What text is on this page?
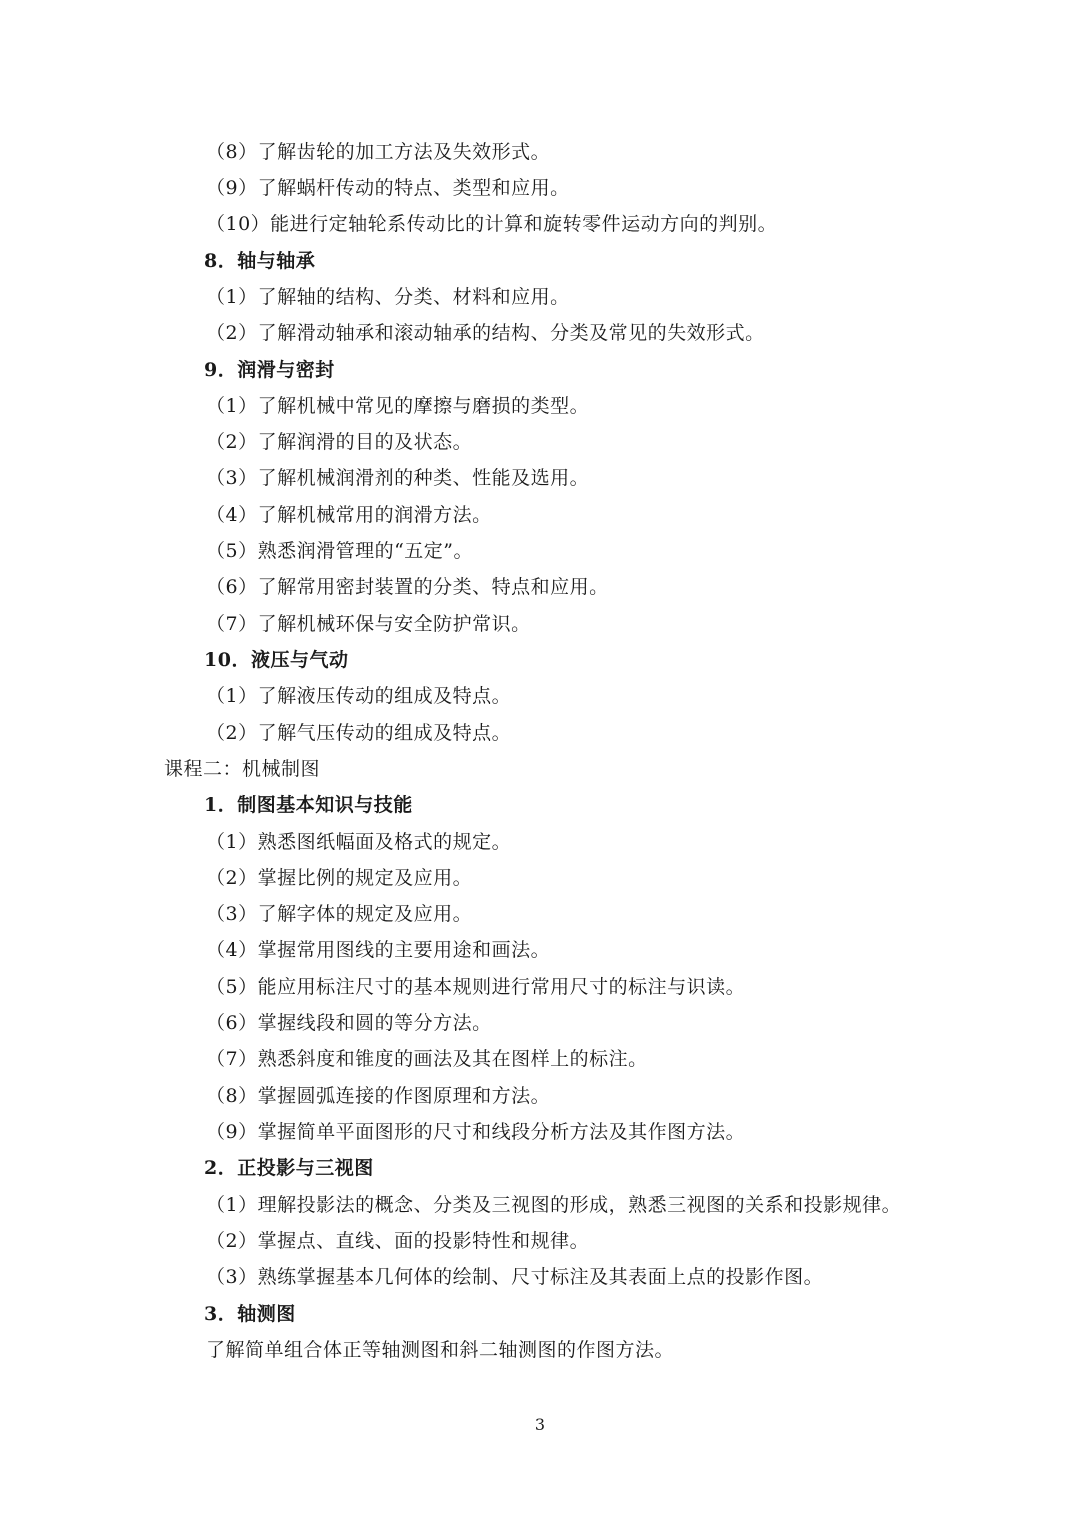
（8）了解齿轮的加工方法及失效形式。
（9）了解蜗杆传动的特点、类型和应用。
（10）能进行定轴轮系传动比的计算和旋转零件运动方向的判别。
8．轴与轴承
（1）了解轴的结构、分类、材料和应用。
（2）了解滑动轴承和滚动轴承的结构、分类及常见的失效形式。
9．润滑与密封
（1）了解机械中常见的摩擦与磨损的类型。
（2）了解润滑的目的及状态。
（3）了解机械润滑剂的种类、性能及选用。
（4）了解机械常用的润滑方法。
（5）熟悉润滑管理的“五定”。
（6）了解常用密封装置的分类、特点和应用。
（7）了解机械环保与安全防护常识。
10．液压与气动
（1）了解液压传动的组成及特点。
（2）了解气压传动的组成及特点。
课程二：机械制图
1．制图基本知识与技能
（1）熟悉图纸幅面及格式的规定。
（2）掌握比例的规定及应用。
（3）了解字体的规定及应用。
（4）掌握常用图线的主要用途和画法。
（5）能应用标注尺寸的基本规则进行常用尺寸的标注与识读。
（6）掌握线段和圆的等分方法。
（7）熟悉斜度和锥度的画法及其在图样上的标注。
（8）掌握圆弧连接的作图原理和方法。
（9）掌握简单平面图形的尺寸和线段分析方法及其作图方法。
2．正投影与三视图
（1）理解投影法的概念、分类及三视图的形成，熟悉三视图的关系和投影规律。
（2）掌握点、直线、面的投影特性和规律。
（3）熟练掌握基本几何体的绘制、尺寸标注及其表面上点的投影作图。
3．轴测图
了解简单组合体正等轴测图和斜二轴测图的作图方法。
3
